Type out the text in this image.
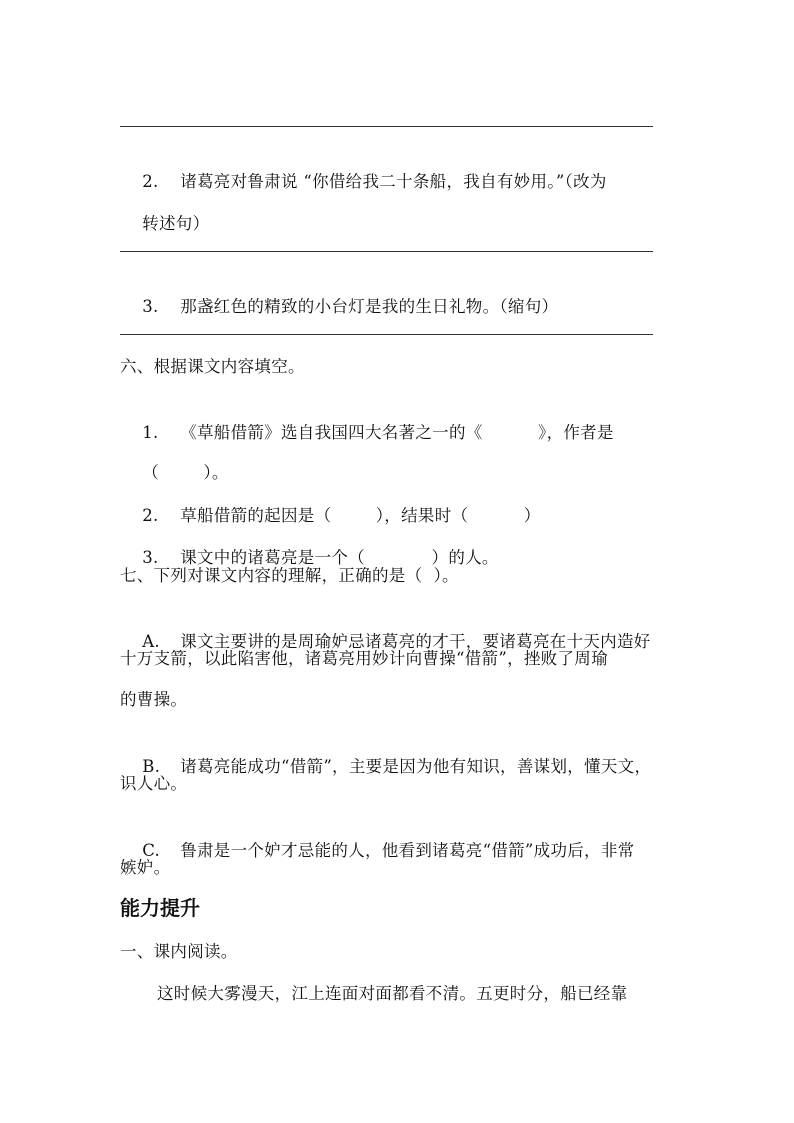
2. 诸葛亮对鲁肃说 “你借给我二十条船，我自有妙用。”（改为

转述句）

3. 那盏红色的精致的小台灯是我的生日礼物。（缩句）

六、根据课文内容填空。

1. 《草船借箭》选自我国四大名著之一的《          》，作者是

（        ）。

2. 草船借箭的起因是（        ），结果时（          ）

3. 课文中的诸葛亮是一个（            ）的人。

七、下列对课文内容的理解，正确的是（  ）。

A. 课文主要讲的是周瑜妒忌诸葛亮的才干，要诸葛亮在十天内造好

十万支箭，以此陷害他，诸葛亮用妙计向曹操“借箭”，挫败了周瑜
的曹操。

B. 诸葛亮能成功“借箭”，主要是因为他有知识，善谋划，懂天文，

识人心。

C. 鲁肃是一个妒才忌能的人，他看到诸葛亮“借箭”成功后，非常

嫉妒。
能力提升
一、课内阅读。
这时候大雾漫天，江上连面对面都看不清。五更时分，船已经靠
